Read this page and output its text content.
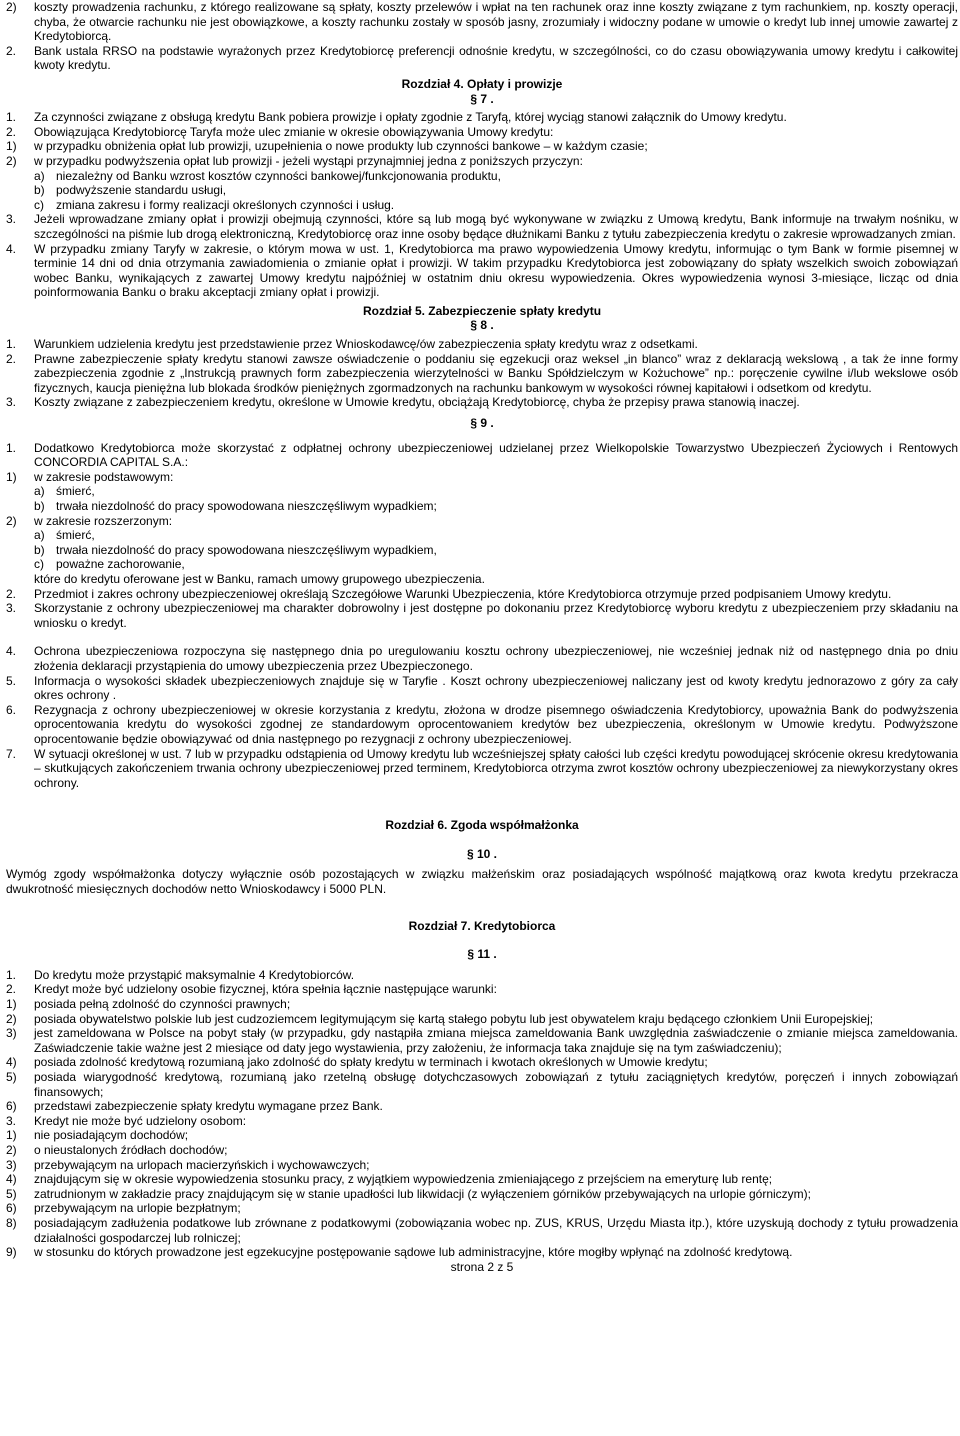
2)	koszty prowadzenia rachunku, z którego realizowane są spłaty, koszty przelewów i wpłat na ten rachunek oraz inne koszty związane z tym rachunkiem, np. koszty operacji, chyba, że otwarcie rachunku nie jest obowiązkowe, a koszty rachunku zostały w sposób jasny, zrozumiały i widoczny podane w umowie o kredyt lub innej umowie zawartej z Kredytobiorcą.
2.	Bank ustala RRSO na podstawie wyrażonych przez Kredytobiorcę preferencji odnośnie kredytu, w szczególności, co do czasu obowiązywania umowy kredytu i całkowitej kwoty kredytu.
Rozdział 4. Opłaty i prowizje
§ 7 .
1.	Za czynności związane z obsługą kredytu Bank pobiera prowizje i opłaty zgodnie z Taryfą, której wyciąg stanowi załącznik do Umowy kredytu.
2.	Obowiązująca Kredytobiorcę Taryfa może ulec zmianie w okresie obowiązywania Umowy kredytu:
1)	w przypadku obniżenia opłat lub prowizji, uzupełnienia o nowe produkty lub czynności bankowe – w każdym czasie;
2)	w przypadku podwyższenia opłat lub prowizji - jeżeli wystąpi przynajmniej jedna z poniższych przyczyn:
a) niezależny od Banku wzrost kosztów czynności bankowej/funkcjonowania produktu,
b) podwyższenie standardu usługi,
c)	zmiana zakresu i formy realizacji określonych czynności i usług.
3.	Jeżeli wprowadzane zmiany opłat i prowizji obejmują czynności, które są lub mogą być wykonywane w związku z Umową kredytu, Bank informuje na trwałym nośniku, w szczególności na piśmie lub drogą elektroniczną, Kredytobiorcę oraz inne osoby będące dłużnikami Banku z tytułu zabezpieczenia kredytu o zakresie wprowadzanych zmian.
4.	W przypadku zmiany Taryfy w zakresie, o którym mowa w ust. 1, Kredytobiorca ma prawo wypowiedzenia Umowy kredytu, informując o tym Bank w formie pisemnej w terminie 14 dni od dnia otrzymania zawiadomienia o zmianie opłat i prowizji. W takim przypadku Kredytobiorca jest zobowiązany do spłaty wszelkich swoich zobowiązań wobec Banku, wynikających z zawartej Umowy kredytu najpóźniej w ostatnim dniu okresu wypowiedzenia. Okres wypowiedzenia wynosi 3-miesiące, licząc od dnia poinformowania Banku o braku akceptacji zmiany opłat i prowizji.
Rozdział 5. Zabezpieczenie spłaty kredytu
§ 8 .
1.	Warunkiem udzielenia kredytu jest przedstawienie przez Wnioskodawcę/ów zabezpieczenia spłaty kredytu wraz z odsetkami.
2.	Prawne zabezpieczenie spłaty kredytu stanowi zawsze oświadczenie o poddaniu się egzekucji oraz weksel „in blanco” wraz z deklaracją wekslową , a tak że inne formy zabezpieczenia zgodnie z „Instrukcją prawnych form zabezpieczenia wierzytelności w Banku Spółdzielczym w Kożuchowe” np.: poręczenie cywilne i/lub wekslowe osób fizycznych, kaucja pieniężna lub blokada środków pieniężnych zgormadzonych na rachunku bankowym w wysokości równej kapitałowi i odsetkom od kredytu.
3.	Koszty związane z zabezpieczeniem kredytu, określone w Umowie kredytu, obciążają Kredytobiorcę, chyba że przepisy prawa stanowią inaczej.
§ 9 .
1.	Dodatkowo Kredytobiorca może skorzystać z odpłatnej ochrony ubezpieczeniowej udzielanej przez Wielkopolskie Towarzystwo Ubezpieczeń Życiowych i Rentowych CONCORDIA CAPITAL S.A.:
1)	w zakresie podstawowym:
a) śmierć,
b) trwała niezdolność do pracy spowodowana nieszczęśliwym wypadkiem;
2)	w zakresie rozszerzonym:
a) śmierć,
b) trwała niezdolność do pracy spowodowana nieszczęśliwym wypadkiem,
c)	poważne zachorowanie,
które do kredytu oferowane jest w Banku, ramach umowy grupowego ubezpieczenia.
2.	Przedmiot i zakres ochrony ubezpieczeniowej określają Szczegółowe Warunki Ubezpieczenia, które Kredytobiorca otrzymuje przed podpisaniem Umowy kredytu.
3.	Skorzystanie z ochrony ubezpieczeniowej ma charakter dobrowolny i jest dostępne po dokonaniu przez Kredytobiorcę wyboru kredytu z ubezpieczeniem przy składaniu na wniosku o kredyt.
4.	Ochrona ubezpieczeniowa rozpoczyna się następnego dnia po uregulowaniu kosztu ochrony ubezpieczeniowej, nie wcześniej jednak niż od następnego dnia po dniu złożenia deklaracji przystąpienia do umowy ubezpieczenia przez Ubezpieczonego.
5.	Informacja o wysokości składek ubezpieczeniowych znajduje się w Taryfie . Koszt ochrony ubezpieczeniowej naliczany jest od kwoty kredytu jednorazowo z góry za cały okres ochrony .
6.	Rezygnacja z ochrony ubezpieczeniowej w okresie korzystania z kredytu, złożona w drodze pisemnego oświadczenia Kredytobiorcy, upoważnia Bank do podwyższenia oprocentowania kredytu do wysokości zgodnej ze standardowym oprocentowaniem kredytów bez ubezpieczenia, określonym w Umowie kredytu. Podwyższone oprocentowanie będzie obowiązywać od dnia następnego po rezygnacji z ochrony ubezpieczeniowej.
7.	W sytuacji określonej w ust. 7 lub w przypadku odstąpienia od Umowy kredytu lub wcześniejszej spłaty całości lub części kredytu powodującej skrócenie okresu kredytowania – skutkujących zakończeniem trwania ochrony ubezpieczeniowej przed terminem, Kredytobiorca otrzyma zwrot kosztów ochrony ubezpieczeniowej za niewykorzystany okres ochrony.
Rozdział 6. Zgoda współmałżonka
§ 10 .
Wymóg zgody współmałżonka dotyczy wyłącznie osób pozostających w związku małżeńskim oraz posiadających wspólność majątkową oraz kwota kredytu przekracza dwukrotność miesięcznych dochodów netto Wnioskodawcy i 5000 PLN.
Rozdział 7. Kredytobiorca
§ 11 .
1.	Do kredytu może przystąpić maksymalnie 4 Kredytobiorców.
2.	Kredyt może być udzielony osobie fizycznej, która spełnia łącznie następujące warunki:
1)	posiada pełną zdolność do czynności prawnych;
2)	posiada obywatelstwo polskie lub jest cudzoziemcem legitymującym się kartą stałego pobytu lub jest obywatelem kraju będącego członkiem Unii Europejskiej;
3)	jest zameldowana w Polsce na pobyt stały (w przypadku, gdy nastąpiła zmiana miejsca zameldowania Bank uwzględnia zaświadczenie o zmianie miejsca zameldowania. Zaświadczenie takie ważne jest 2 miesiące od daty jego wystawienia, przy założeniu, że informacja taka znajduje się na tym zaświadczeniu);
4)	posiada zdolność kredytową rozumianą jako zdolność do spłaty kredytu w terminach i kwotach określonych w Umowie kredytu;
5)	posiada wiarygodność kredytową, rozumianą jako rzetelną obsługę dotychczasowych zobowiązań z tytułu zaciągniętych kredytów, poręczeń i innych zobowiązań finansowych;
6)	przedstawi zabezpieczenie spłaty kredytu wymagane przez Bank.
3.	Kredyt nie może być udzielony osobom:
1)	nie posiadającym dochodów;
2)	o nieustalonych źródłach dochodów;
3)	przebywającym na urlopach macierzyńskich i wychowawczych;
4)	znajdującym się w okresie wypowiedzenia stosunku pracy, z wyjątkiem wypowiedzenia zmieniającego z przejściem na emeryturę lub rentę;
5)	zatrudnionym w zakładzie pracy znajdującym się w stanie upadłości lub likwidacji (z wyłączeniem górników przebywających na urlopie górniczym);
6)	przebywającym na urlopie bezpłatnym;
8)	posiadającym zadłużenia podatkowe lub zrównane z podatkowymi (zobowiązania wobec np. ZUS, KRUS, Urzędu Miasta itp.), które uzyskują dochody z tytułu prowadzenia działalności gospodarczej lub rolniczej;
9)	w stosunku do których prowadzone jest egzekucyjne postępowanie sądowe lub administracyjne, które mogłby wpłynąć na zdolność kredytową.
strona 2 z 5
